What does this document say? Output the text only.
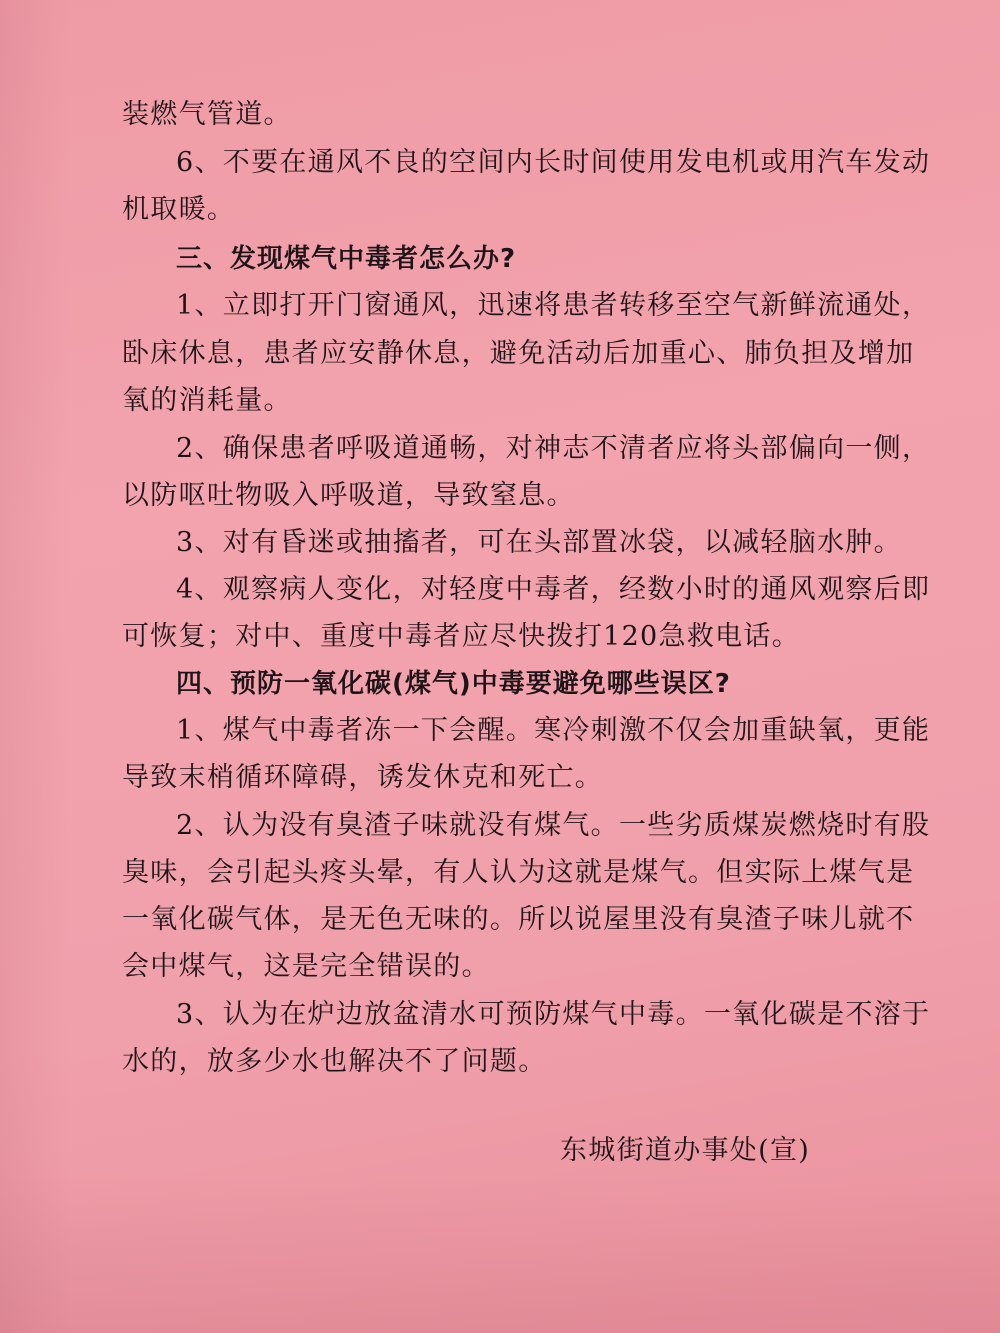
装燃气管道。
6、不要在通风不良的空间内长时间使用发电机或用汽车发动
机取暖。
三、发现煤气中毒者怎么办?
1、立即打开门窗通风，迅速将患者转移至空气新鲜流通处，
卧床休息，患者应安静休息，避免活动后加重心、肺负担及增加
氧的消耗量。
2、确保患者呼吸道通畅，对神志不清者应将头部偏向一侧，
以防呕吐物吸入呼吸道，导致窒息。
3、对有昏迷或抽搐者，可在头部置冰袋，以减轻脑水肿。
4、观察病人变化，对轻度中毒者，经数小时的通风观察后即
可恢复；对中、重度中毒者应尽快拨打120急救电话。
四、预防一氧化碳(煤气)中毒要避免哪些误区?
1、煤气中毒者冻一下会醒。寒冷刺激不仅会加重缺氧，更能
导致末梢循环障碍，诱发休克和死亡。
2、认为没有臭渣子味就没有煤气。一些劣质煤炭燃烧时有股
臭味，会引起头疼头晕，有人认为这就是煤气。但实际上煤气是
一氧化碳气体，是无色无味的。所以说屋里没有臭渣子味儿就不
会中煤气，这是完全错误的。
3、认为在炉边放盆清水可预防煤气中毒。一氧化碳是不溶于
水的，放多少水也解决不了问题。
东城街道办事处(宣)
